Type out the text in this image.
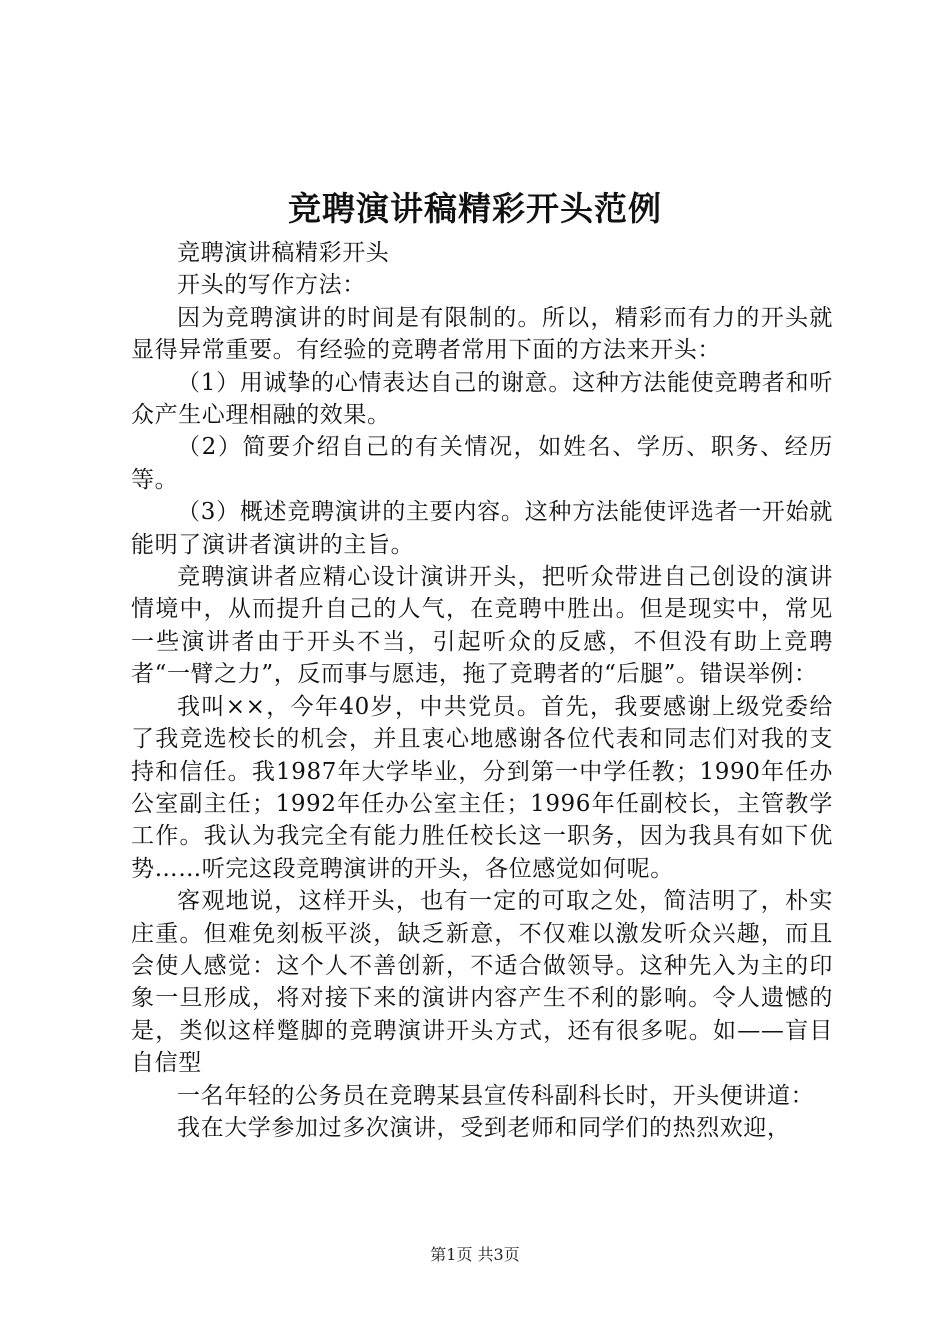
竞聘演讲稿精彩开头范例

竞聘演讲稿精彩开头

开头的写作方法：

因为竞聘演讲的时间是有限制的。所以，精彩而有力的开头就显得异常重要。有经验的竞聘者常用下面的方法来开头：

（1）用诚挚的心情表达自己的谢意。这种方法能使竞聘者和听众产生心理相融的效果。

（2）简要介绍自己的有关情况，如姓名、学历、职务、经历等。

（3）概述竞聘演讲的主要内容。这种方法能使评选者一开始就能明了演讲者演讲的主旨。

竞聘演讲者应精心设计演讲开头，把听众带进自己创设的演讲情境中，从而提升自己的人气，在竞聘中胜出。但是现实中，常见一些演讲者由于开头不当，引起听众的反感，不但没有助上竞聘者“一臂之力”，反而事与愿违，拖了竞聘者的“后腿”。错误举例：

我叫××，今年40岁，中共党员。首先，我要感谢上级党委给了我竞选校长的机会，并且衷心地感谢各位代表和同志们对我的支持和信任。我1987年大学毕业，分到第一中学任教；1990年任办公室副主任；1992年任办公室主任；1996年任副校长，主管教学工作。我认为我完全有能力胜任校长这一职务，因为我具有如下优势……听完这段竞聘演讲的开头，各位感觉如何呢。

客观地说，这样开头，也有一定的可取之处，简洁明了，朴实庄重。但难免刻板平淡，缺乏新意，不仅难以激发听众兴趣，而且会使人感觉：这个人不善创新，不适合做领导。这种先入为主的印象一旦形成，将对接下来的演讲内容产生不利的影响。令人遗憾的是，类似这样蹩脚的竞聘演讲开头方式，还有很多呢。如——盲目自信型

一名年轻的公务员在竞聘某县宣传科副科长时，开头便讲道：

我在大学参加过多次演讲，受到老师和同学们的热烈欢迎，

第1页 共3页
